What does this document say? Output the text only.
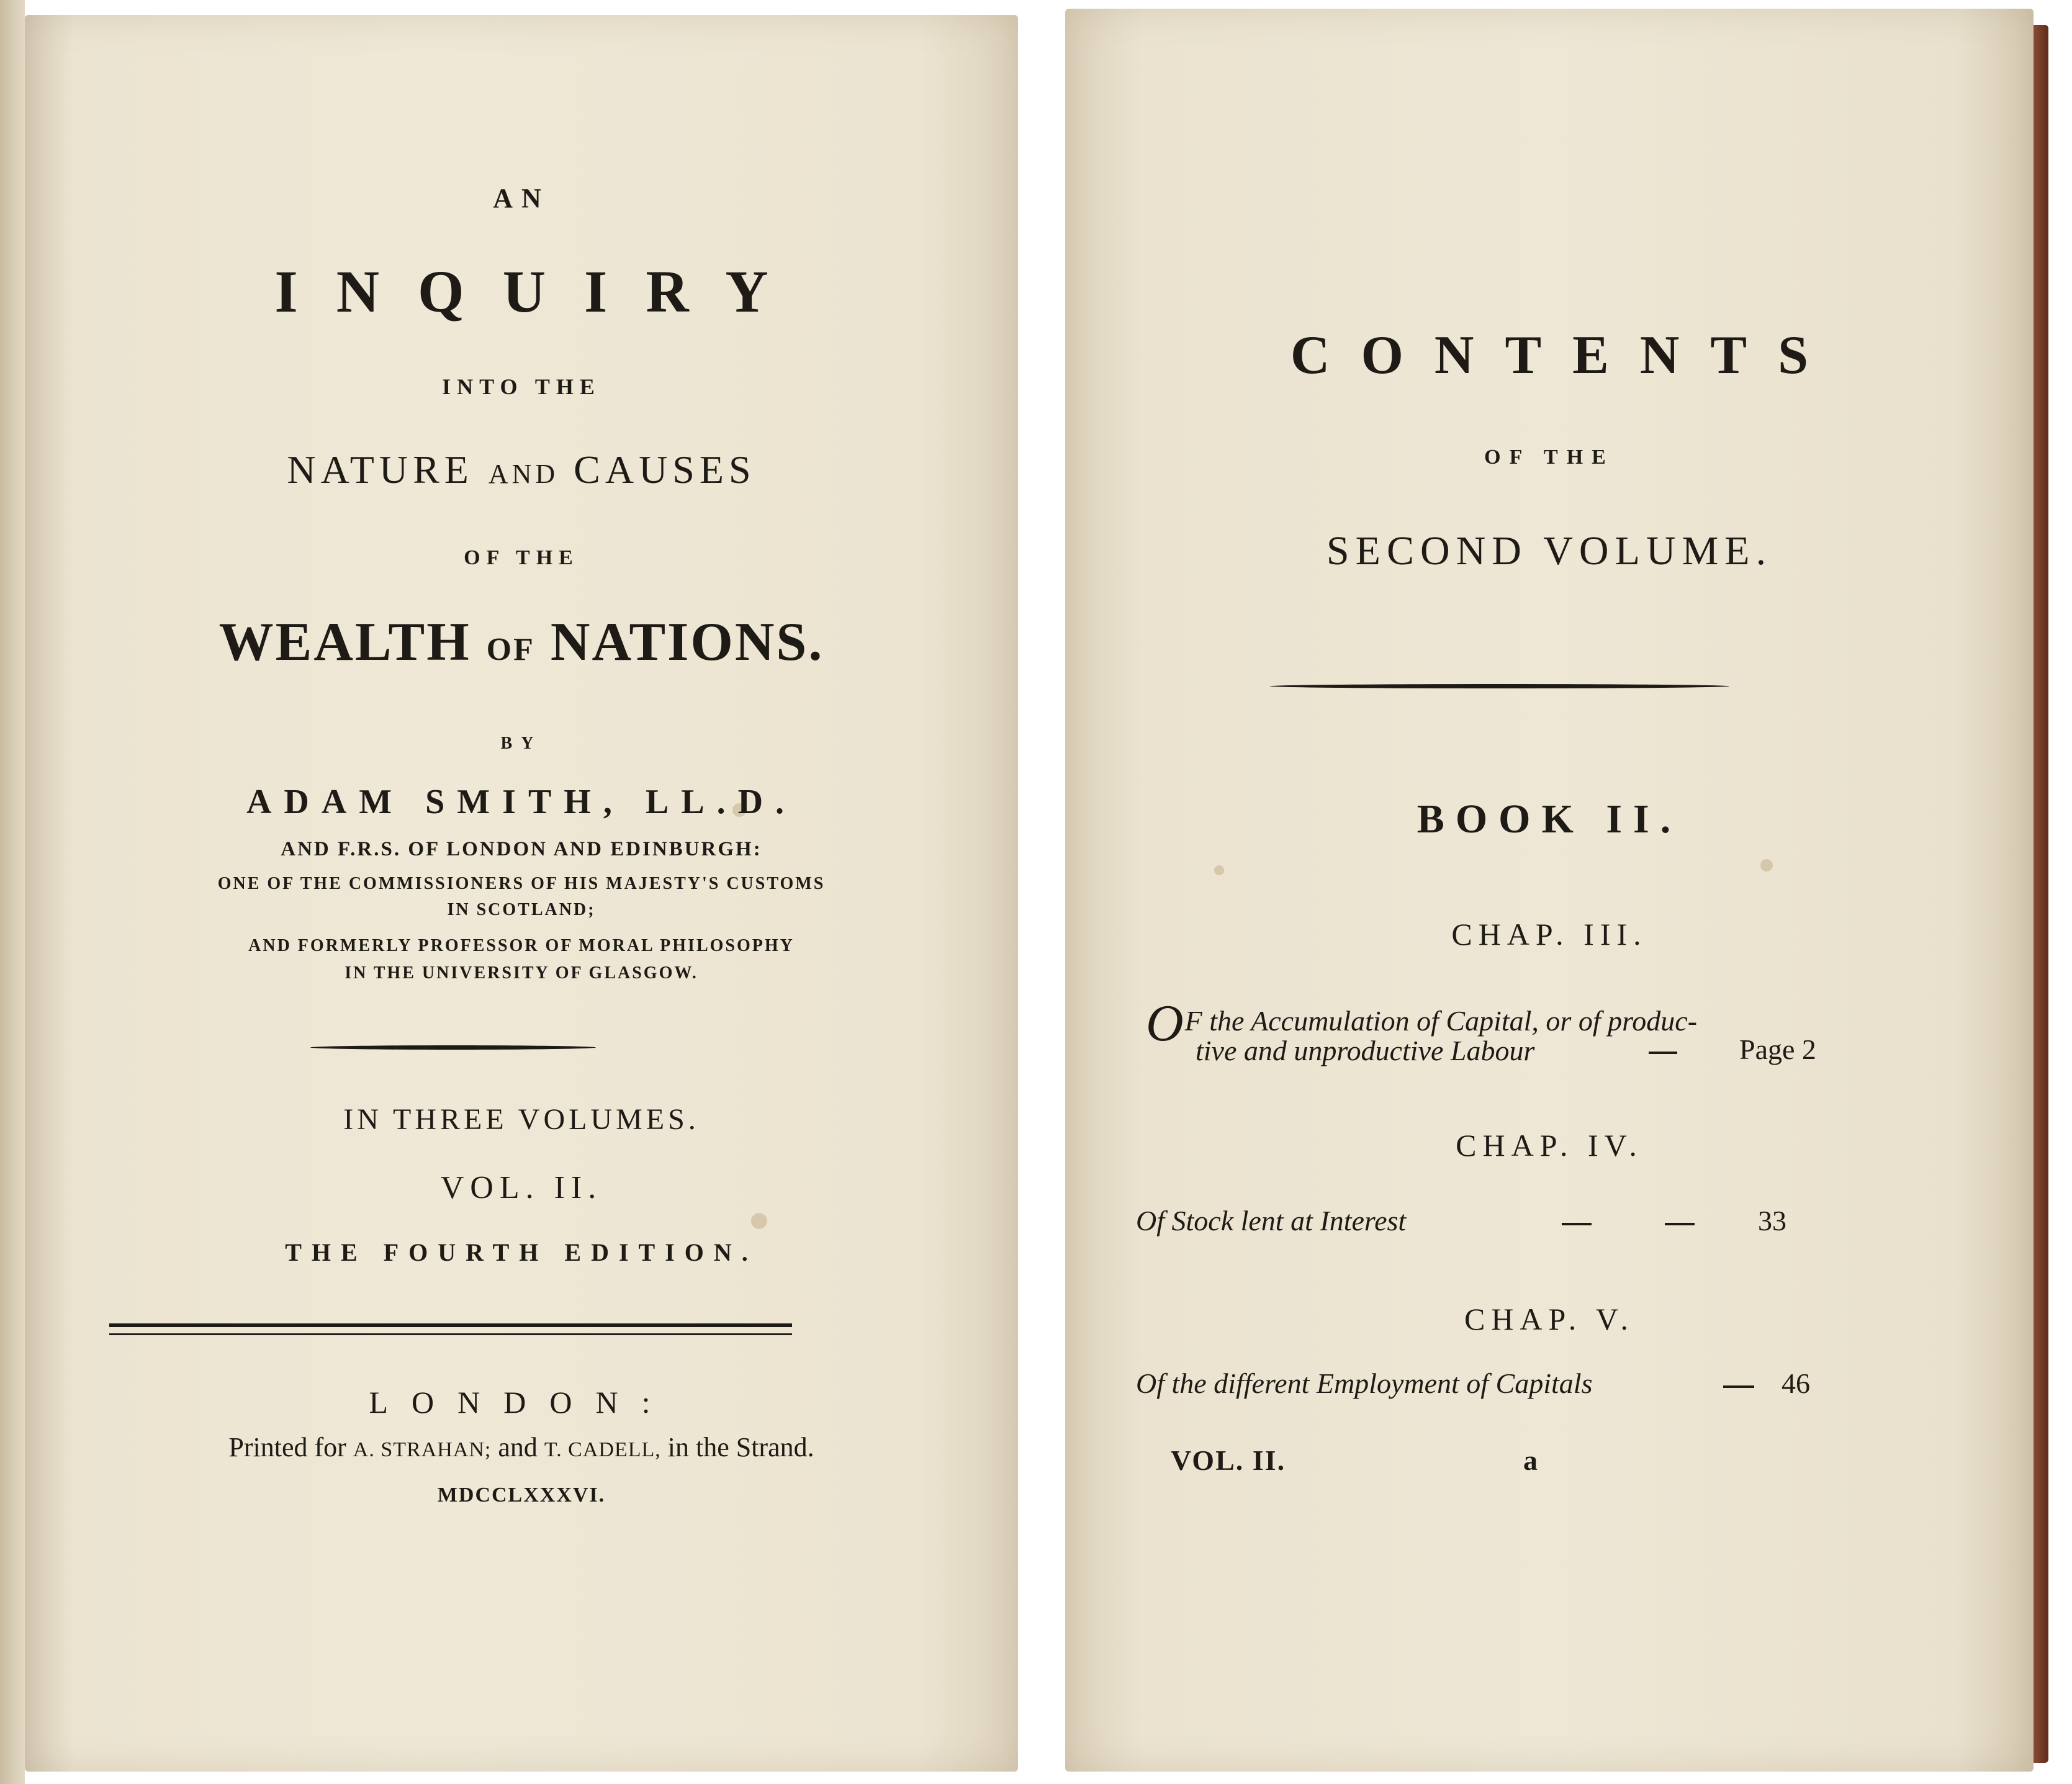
AN
INQUIRY
INTO THE
NATURE AND CAUSES
OF THE
WEALTH OF NATIONS.
BY
ADAM SMITH, LL.D.
AND F.R.S. OF LONDON AND EDINBURGH:
ONE OF THE COMMISSIONERS OF HIS MAJESTY'S CUSTOMS
IN SCOTLAND;
AND FORMERLY PROFESSOR OF MORAL PHILOSOPHY
IN THE UNIVERSITY OF GLASGOW.
IN THREE VOLUMES.
VOL. II.
THE FOURTH EDITION.
LONDON:
Printed for A. STRAHAN; and T. CADELL, in the Strand.
MDCCLXXXVI.
CONTENTS
OF THE
SECOND VOLUME.
BOOK II.
CHAP. III.
OF the Accumulation of Capital, or of produc-
tive and unproductive Labour	Page 2
CHAP. IV.
Of Stock lent at Interest	33
CHAP. V.
Of the different Employment of Capitals	46
VOL. II.	a
